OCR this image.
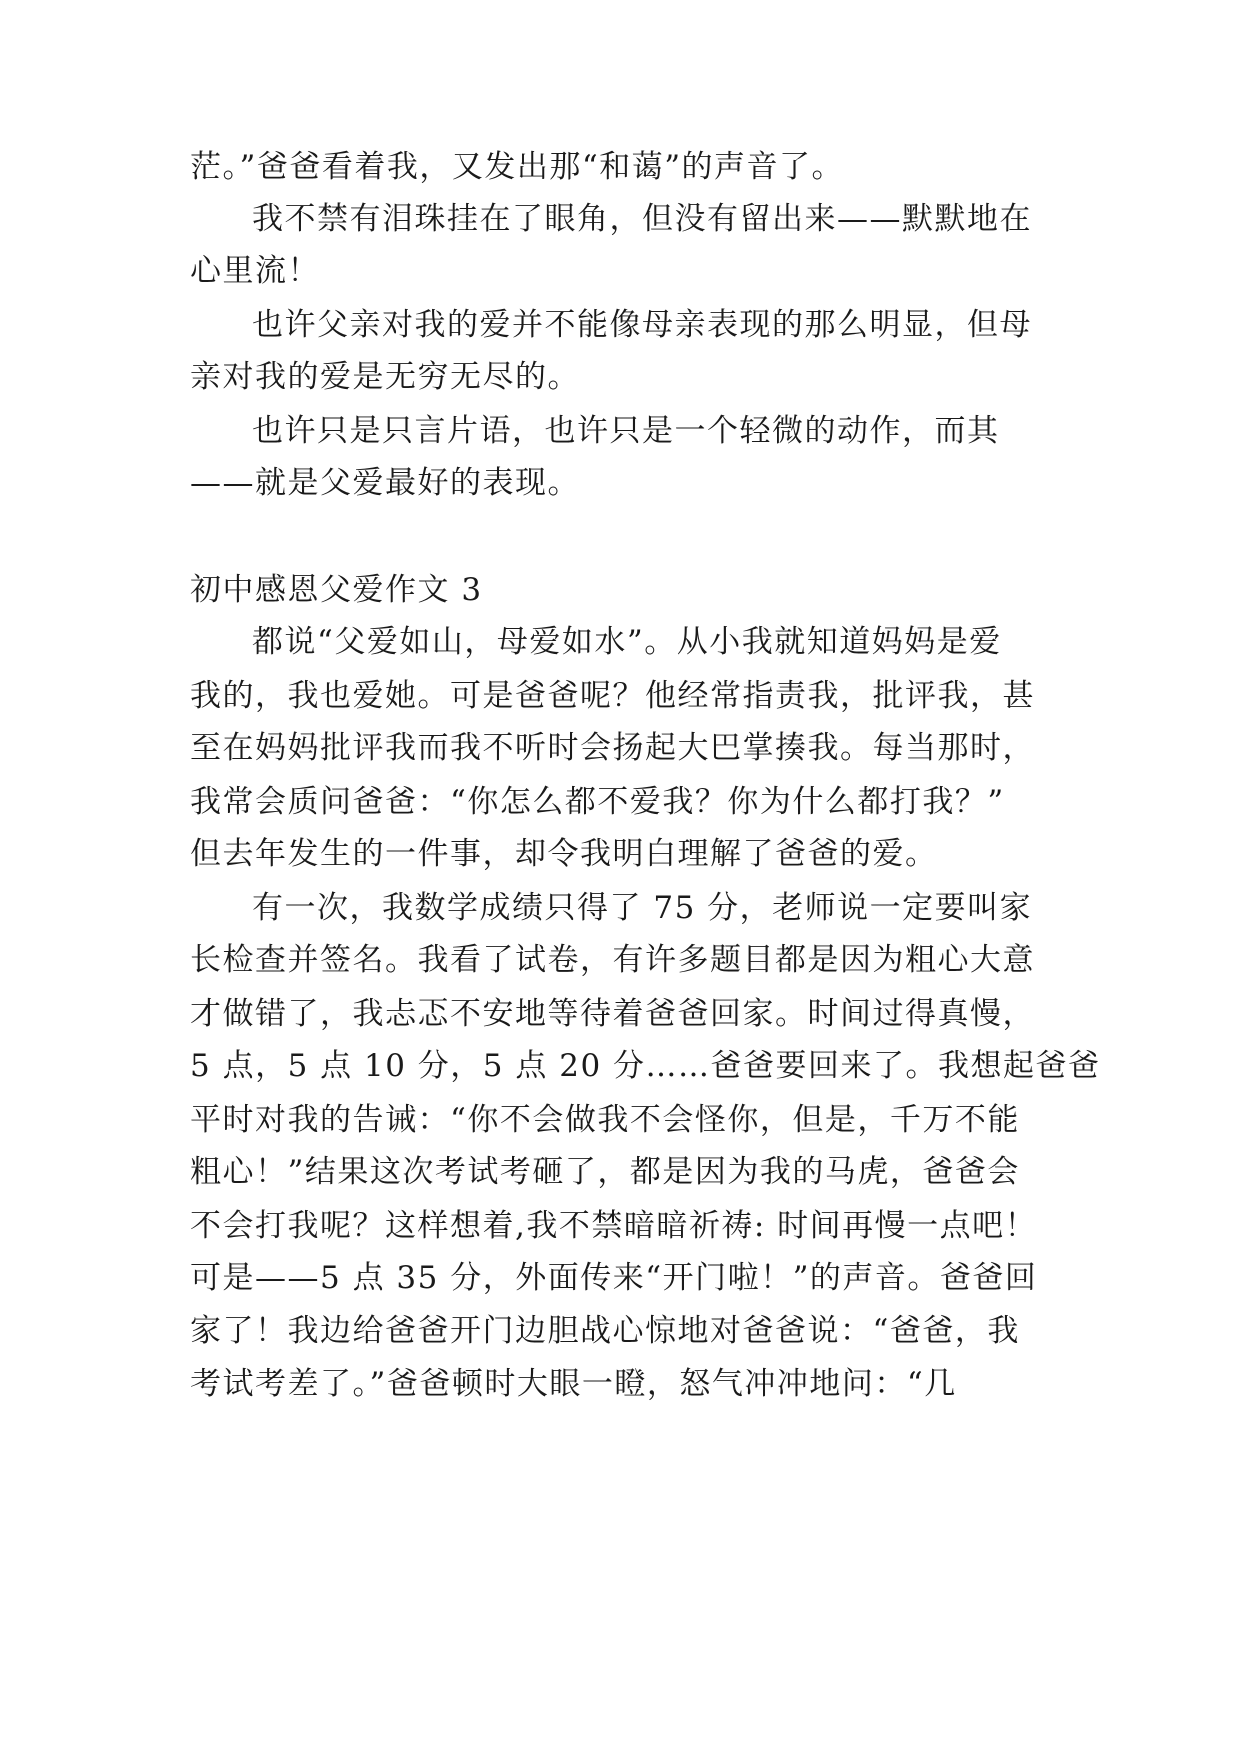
茫。”爸爸看着我，又发出那“和蔼”的声音了。
我不禁有泪珠挂在了眼角，但没有留出来——默默地在
心里流！
也许父亲对我的爱并不能像母亲表现的那么明显，但母
亲对我的爱是无穷无尽的。
也许只是只言片语，也许只是一个轻微的动作，而其
——就是父爱最好的表现。
初中感恩父爱作文 3
都说“父爱如山，母爱如水”。从小我就知道妈妈是爱
我的，我也爱她。可是爸爸呢？他经常指责我，批评我，甚
至在妈妈批评我而我不听时会扬起大巴掌揍我。每当那时，
我常会质问爸爸：“你怎么都不爱我？你为什么都打我？”
但去年发生的一件事，却令我明白理解了爸爸的爱。
有一次，我数学成绩只得了 75 分，老师说一定要叫家
长检查并签名。我看了试卷，有许多题目都是因为粗心大意
才做错了，我忐忑不安地等待着爸爸回家。时间过得真慢，
5 点，5 点 10 分，5 点 20 分……爸爸要回来了。我想起爸爸
平时对我的告诫：“你不会做我不会怪你，但是，千万不能
粗心！”结果这次考试考砸了，都是因为我的马虎，爸爸会
不会打我呢？这样想着,我不禁暗暗祈祷: 时间再慢一点吧！
可是——5 点 35 分，外面传来“开门啦！”的声音。爸爸回
家了！我边给爸爸开门边胆战心惊地对爸爸说：“爸爸，我
考试考差了。”爸爸顿时大眼一瞪，怒气冲冲地问：“几
